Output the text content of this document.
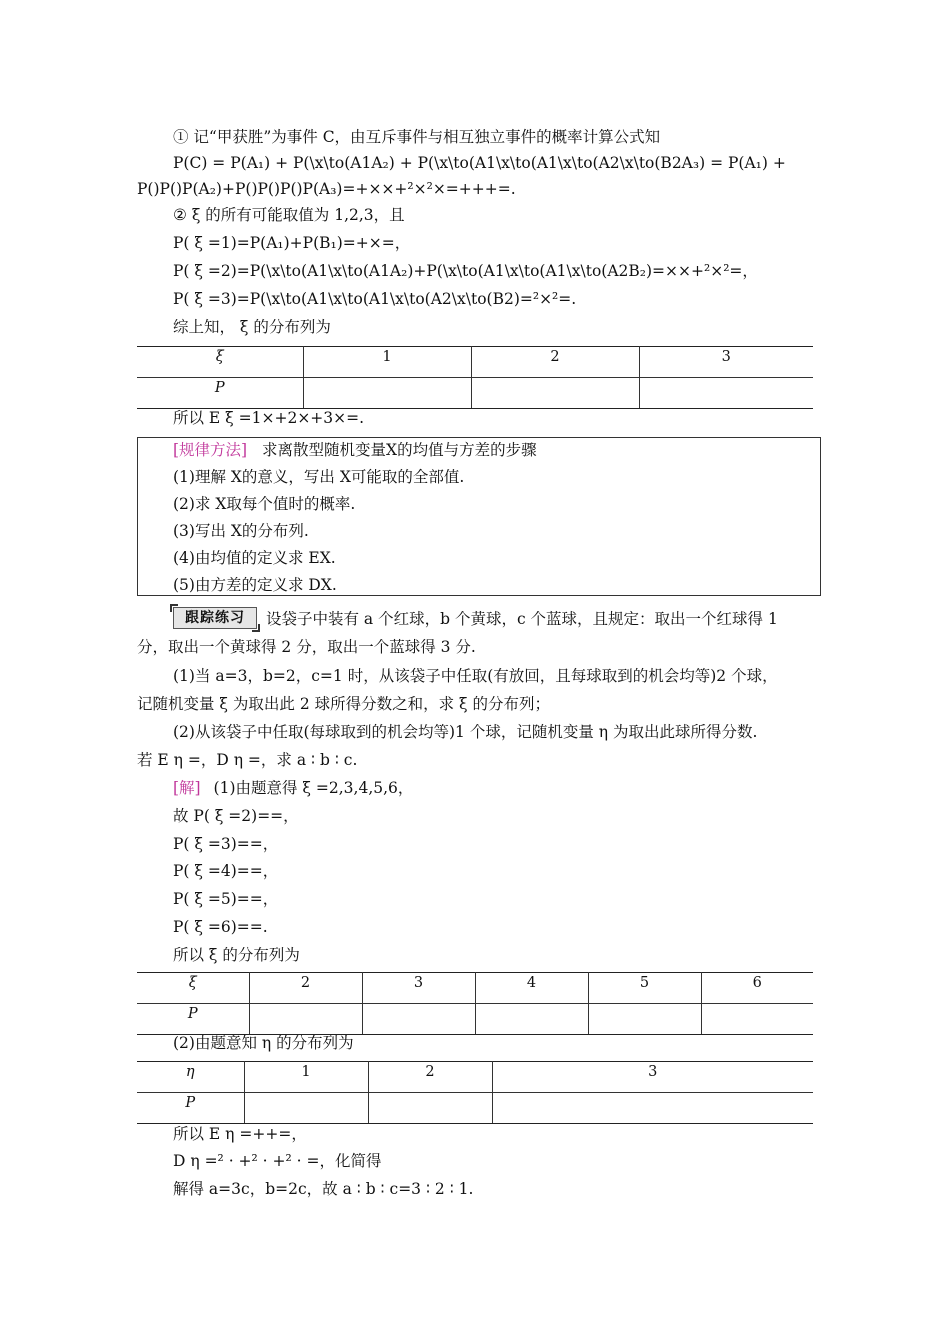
① 记“甲获胜”为事件 C，由互斥事件与相互独立事件的概率计算公式知
P(C) = P(A₁) + P(\x\to(A1A₂) + P(\x\to(A1\x\to(A1\x\to(A2\x\to(B2A₃) = P(A₁) +
P()P()P(A₂)+P()P()P()P(A₃)=+××+²×²×=+++=.
② ξ 的所有可能取值为 1,2,3，且
P( ξ =1)=P(A₁)+P(B₁)=+×=，
P( ξ =2)=P(\x\to(A1\x\to(A1A₂)+P(\x\to(A1\x\to(A1\x\to(A2B₂)=××+²×²=，
P( ξ =3)=P(\x\to(A1\x\to(A1\x\to(A2\x\to(B2)=²×²=.
综上知， ξ 的分布列为
ξ	1	2	3
P			
所以 E ξ =1×+2×+3×=.
[规律方法] 求离散型随机变量X的均值与方差的步骤
(1)理解 X的意义，写出 X可能取的全部值.
(2)求 X取每个值时的概率.
(3)写出 X的分布列.
(4)由均值的定义求 EX.
(5)由方差的定义求 DX.
跟踪练习	设袋子中装有 a 个红球，b 个黄球，c 个蓝球，且规定：取出一个红球得 1
分，取出一个黄球得 2 分，取出一个蓝球得 3 分.
(1)当 a=3，b=2，c=1 时，从该袋子中任取(有放回，且每球取到的机会均等)2 个球，
记随机变量 ξ 为取出此 2 球所得分数之和，求 ξ 的分布列；
(2)从该袋子中任取(每球取到的机会均等)1 个球，记随机变量 η 为取出此球所得分数.
若 E η =，D η =，求 a ∶ b ∶ c.
[解] (1)由题意得 ξ =2,3,4,5,6，
故 P( ξ =2)==，
P( ξ =3)==，
P( ξ =4)==，
P( ξ =5)==，
P( ξ =6)==.
所以 ξ 的分布列为
ξ	2	3	4	5	6
P					
(2)由题意知 η 的分布列为
η	1	2	3
P			
所以 E η =++=，
D η =² · +² · +² · =，化简得
解得 a=3c，b=2c，故 a ∶ b ∶ c=3 ∶ 2 ∶ 1.
